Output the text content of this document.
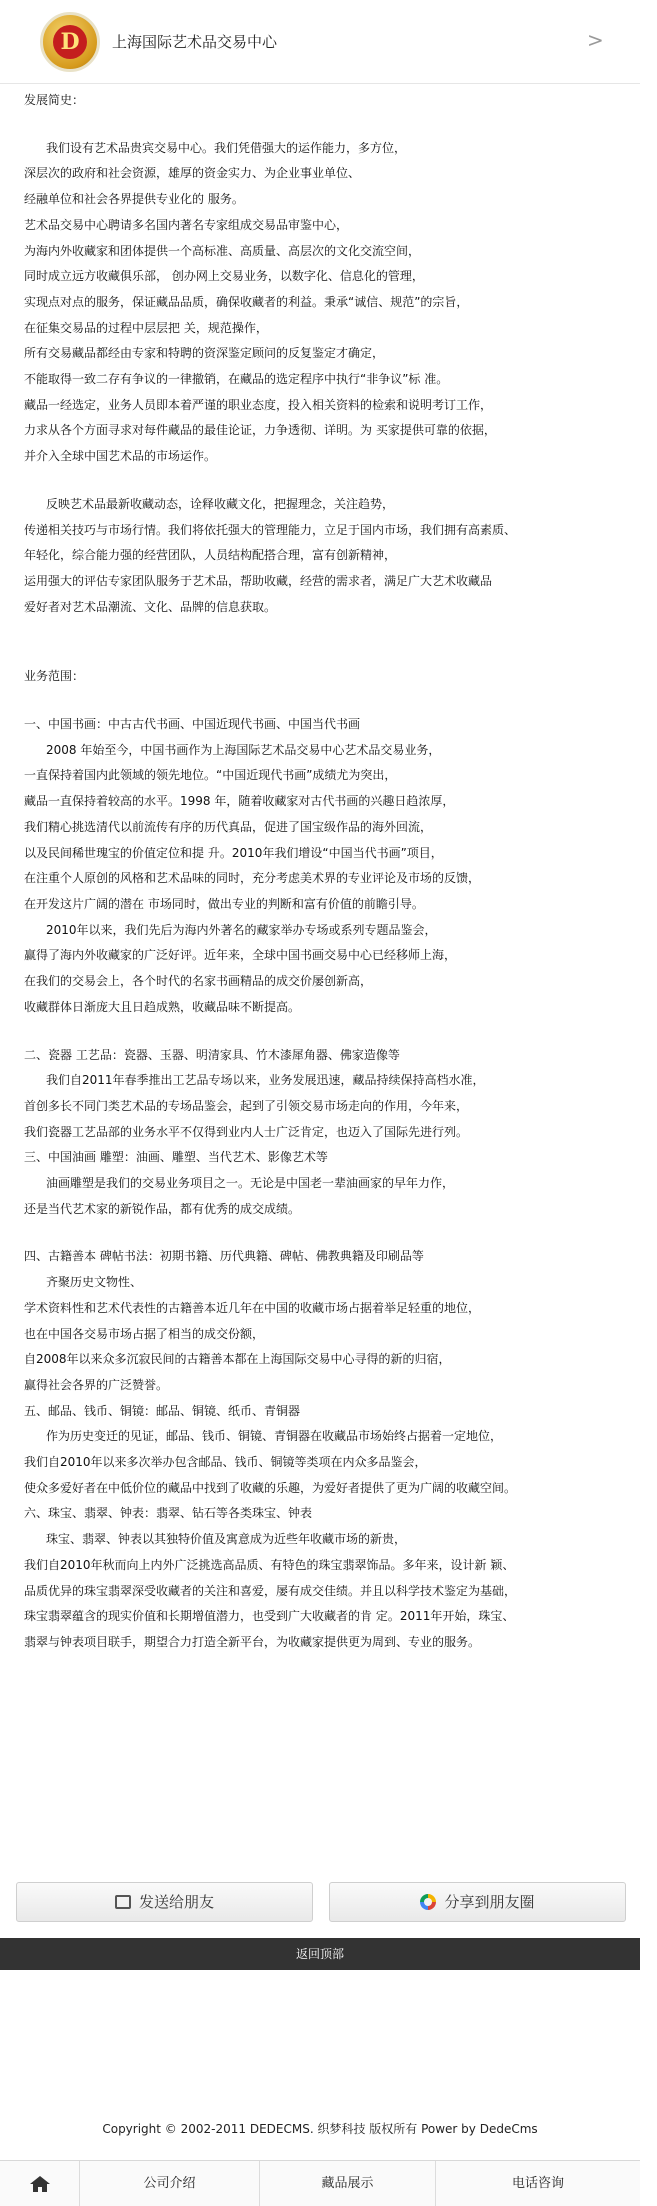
D	上海国际艺术品交易中心	>

发展简史：

我们设有艺术品贵宾交易中心。我们凭借强大的运作能力，多方位，

深层次的政府和社会资源，雄厚的资金实力、为企业事业单位、

经融单位和社会各界提供专业化的 服务。

艺术品交易中心聘请多名国内著名专家组成交易品审鉴中心，

为海内外收藏家和团体提供一个高标准、高质量、高层次的文化交流空间，

同时成立远方收藏俱乐部， 创办网上交易业务，以数字化、信息化的管理，

实现点对点的服务，保证藏品品质，确保收藏者的利益。秉承“诚信、规范”的宗旨，

在征集交易品的过程中层层把 关，规范操作，

所有交易藏品都经由专家和特聘的资深鉴定顾问的反复鉴定才确定，

不能取得一致二存有争议的一律撤销，在藏品的选定程序中执行“非争议”标 准。

藏品一经选定，业务人员即本着严谨的职业态度，投入相关资料的检索和说明考订工作，

力求从各个方面寻求对每件藏品的最佳论证，力争透彻、详明。为 买家提供可靠的依据，

并介入全球中国艺术品的市场运作。

反映艺术品最新收藏动态，诠释收藏文化，把握理念，关注趋势，

传递相关技巧与市场行情。我们将依托强大的管理能力，立足于国内市场，我们拥有高素质、

年轻化，综合能力强的经营团队，人员结构配搭合理，富有创新精神，

运用强大的评估专家团队服务于艺术品，帮助收藏，经营的需求者，满足广大艺术收藏品

爱好者对艺术品潮流、文化、品牌的信息获取。

业务范围：

一、中国书画：中古古代书画、中国近现代书画、中国当代书画

2008 年始至今，中国书画作为上海国际艺术品交易中心艺术品交易业务，

一直保持着国内此领域的领先地位。“中国近现代书画”成绩尤为突出，

藏品一直保持着较高的水平。1998 年，随着收藏家对古代书画的兴趣日趋浓厚，

我们精心挑选清代以前流传有序的历代真品，促进了国宝级作品的海外回流，

以及民间稀世瑰宝的价值定位和提 升。2010年我们增设“中国当代书画”项目，

在注重个人原创的风格和艺术品味的同时，充分考虑美术界的专业评论及市场的反馈，

在开发这片广阔的潜在 市场同时，做出专业的判断和富有价值的前瞻引导。

2010年以来，我们先后为海内外著名的藏家举办专场或系列专题品鉴会，

赢得了海内外收藏家的广泛好评。近年来，全球中国书画交易中心已经移师上海，

在我们的交易会上，各个时代的名家书画精品的成交价屡创新高，

收藏群体日渐庞大且日趋成熟，收藏品味不断提高。

二、瓷器 工艺品：瓷器、玉器、明清家具、竹木漆犀角器、佛家造像等

我们自2011年春季推出工艺品专场以来，业务发展迅速，藏品持续保持高档水准，

首创多长不同门类艺术品的专场品鉴会，起到了引领交易市场走向的作用，今年来，

我们瓷器工艺品部的业务水平不仅得到业内人士广泛肯定，也迈入了国际先进行列。

三、中国油画 雕塑：油画、雕塑、当代艺术、影像艺术等

油画雕塑是我们的交易业务项目之一。无论是中国老一辈油画家的早年力作，

还是当代艺术家的新锐作品，都有优秀的成交成绩。

四、古籍善本 碑帖书法：初期书籍、历代典籍、碑帖、佛教典籍及印刷品等

齐聚历史文物性、

学术资料性和艺术代表性的古籍善本近几年在中国的收藏市场占据着举足轻重的地位，

也在中国各交易市场占据了相当的成交份额，

自2008年以来众多沉寂民间的古籍善本都在上海国际交易中心寻得的新的归宿，

赢得社会各界的广泛赞誉。

五、邮品、钱币、铜镜：邮品、铜镜、纸币、青铜器

作为历史变迁的见证，邮品、钱币、铜镜、青铜器在收藏品市场始终占据着一定地位，

我们自2010年以来多次举办包含邮品、钱币、铜镜等类项在内众多品鉴会，

使众多爱好者在中低价位的藏品中找到了收藏的乐趣，为爱好者提供了更为广阔的收藏空间。

六、珠宝、翡翠、钟表：翡翠、钻石等各类珠宝、钟表

珠宝、翡翠、钟表以其独特价值及寓意成为近些年收藏市场的新贵，

我们自2010年秋而向上内外广泛挑选高品质、有特色的珠宝翡翠饰品。多年来，设计新 颖、

品质优异的珠宝翡翠深受收藏者的关注和喜爱，屡有成交佳绩。并且以科学技术鉴定为基础，

珠宝翡翠蕴含的现实价值和长期增值潜力，也受到广大收藏者的肯 定。2011年开始，珠宝、

翡翠与钟表项目联手，期望合力打造全新平台，为收藏家提供更为周到、专业的服务。

发送给朋友	分享到朋友圈
返回顶部
Copyright © 2002-2011 DEDECMS. 织梦科技 版权所有 Power by DedeCms
公司介绍	藏品展示	电话咨询
